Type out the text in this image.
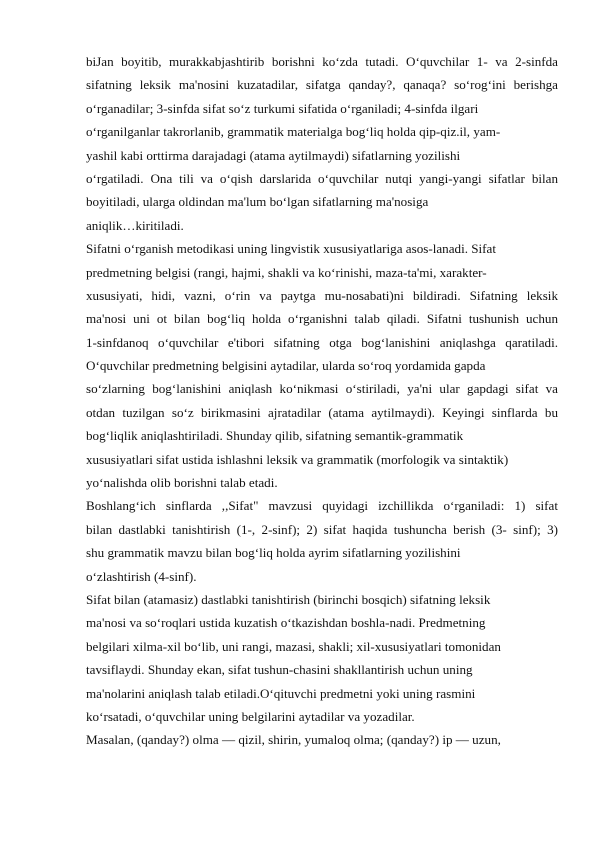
biJan boyitib, murakkabjashtirib borishni ko‘zda tutadi. O‘quvchilar 1- va 2-sinfda
sifatning leksik ma'nosini kuzatadilar, sifatga qanday?, qanaqa? so‘rog‘ini berishga
o‘rganadilar; 3-sinfda sifat so‘z turkumi sifatida o‘rganiladi; 4-sinfda ilgari
o‘rganilganlar takrorlanib, grammatik materialga bog‘liq holda qip-qiz.il, yam-
yashil kabi orttirma darajadagi (atama aytilmaydi) sifatlarning yozilishi
o‘rgatiladi. Ona tili va o‘qish darslarida o‘quvchilar nutqi yangi-yangi sifatlar bilan
boyitiladi, ularga oldindan ma'lum bo‘lgan sifatlarning ma'nosiga
aniqlik…kiritiladi.
Sifatni o‘rganish metodikasi uning lingvistik xususiyatlariga asos-lanadi. Sifat
predmetning belgisi (rangi, hajmi, shakli va ko‘rinishi, maza-ta'mi, xarakter-
xususiyati, hidi, vazni, o‘rin va paytga mu-nosabati)ni bildiradi. Sifatning leksik
ma'nosi uni ot bilan bog‘liq holda o‘rganishni talab qiladi. Sifatni tushunish uchun
1-sinfdanoq o‘quvchilar e'tibori sifatning otga bog‘lanishini aniqlashga qaratiladi.
O‘quvchilar predmetning belgisini aytadilar, ularda so‘roq yordamida gapda
so‘zlarning bog‘lanishini aniqlash ko‘nikmasi o‘stiriladi, ya'ni ular gapdagi sifat va
otdan tuzilgan so‘z birikmasini ajratadilar (atama aytilmaydi). Keyingi sinflarda bu
bog‘liqlik aniqlashtiriladi. Shunday qilib, sifatning semantik-grammatik
xususiyatlari sifat ustida ishlashni leksik va grammatik (morfologik va sintaktik)
yo‘nalishda olib borishni talab etadi.
Boshlang‘ich sinflarda ,,Sifat" mavzusi quyidagi izchillikda o‘rganiladi: 1) sifat
bilan dastlabki tanishtirish (1-, 2-sinf); 2) sifat haqida tushuncha berish (3- sinf); 3)
shu grammatik mavzu bilan bog‘liq holda ayrim sifatlarning yozilishini
o‘zlashtirish (4-sinf).
Sifat bilan (atamasiz) dastlabki tanishtirish (birinchi bosqich) sifatning leksik
ma'nosi va so‘roqlari ustida kuzatish o‘tkazishdan boshla-nadi. Predmetning
belgilari xilma-xil bo‘lib, uni rangi, mazasi, shakli; xil-xususiyatlari tomonidan
tavsiflaydi. Shunday ekan, sifat tushun-chasini shakllantirish uchun uning
ma'nolarini aniqlash talab etiladi.O‘qituvchi predmetni yoki uning rasmini
ko‘rsatadi, o‘quvchilar uning belgilarini aytadilar va yozadilar.
Masalan, (qanday?) olma — qizil, shirin, yumaloq olma; (qanday?) ip — uzun,
